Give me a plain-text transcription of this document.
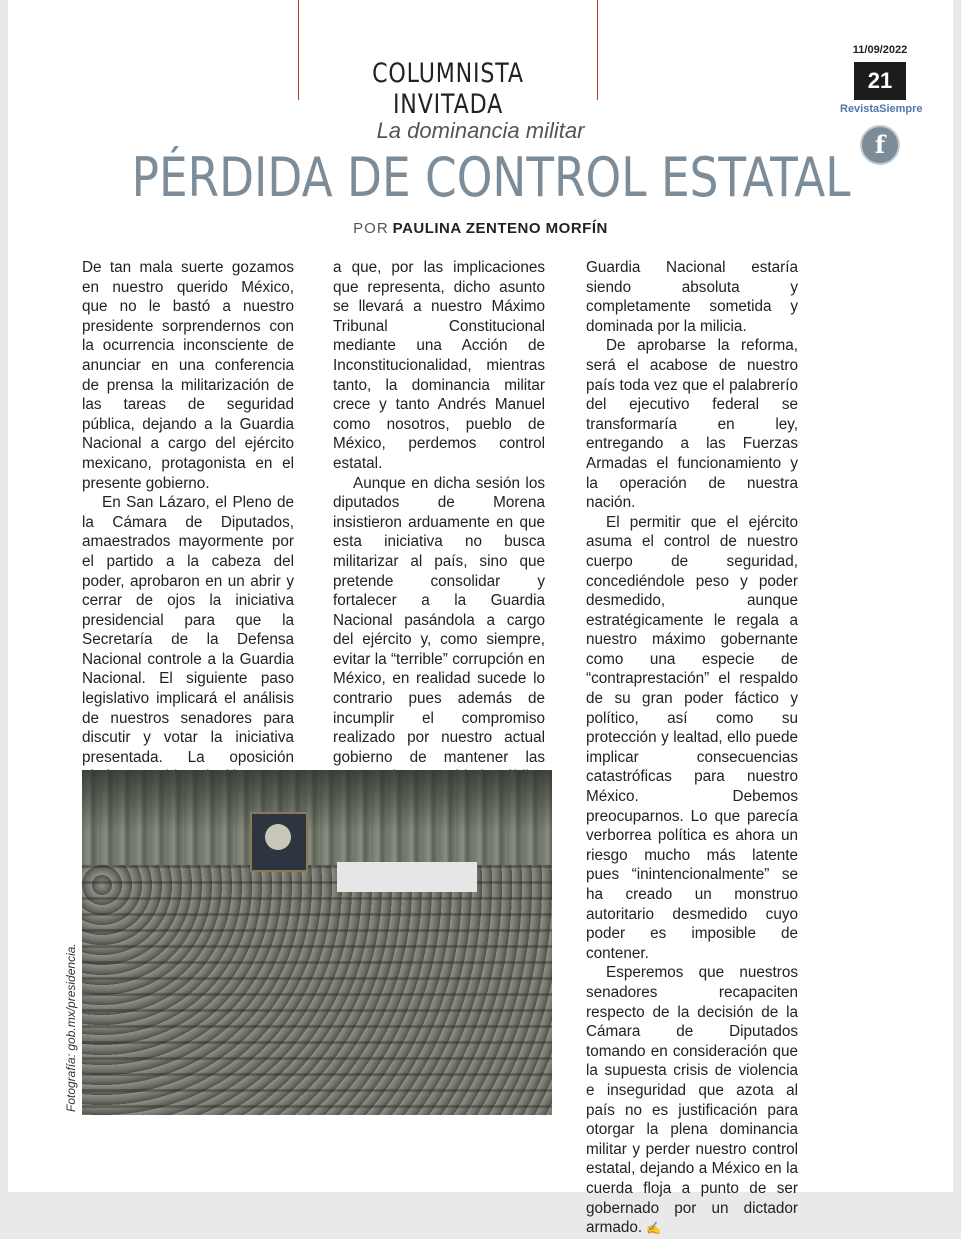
COLUMNISTA INVITADA
11/09/2022
21
RevistaSiempre
f
La dominancia militar
PÉRDIDA DE CONTROL ESTATAL
POR PAULINA ZENTENO MORFÍN

De tan mala suerte gozamos en nuestro querido México, que no le bastó a nuestro presidente sorprendernos con la ocurrencia inconsciente de anunciar en una conferencia de prensa la militarización de las tareas de seguridad pública, dejando a la Guardia Nacional a cargo del ejército mexicano, protagonista en el presente gobierno.

En San Lázaro, el Pleno de la Cámara de Diputados, amaestrados mayormente por el partido a la cabeza del poder, aprobaron en un abrir y cerrar de ojos la iniciativa presidencial para que la Secretaría de la Defensa Nacional controle a la Guardia Nacional. El siguiente paso legislativo implicará el análisis de nuestros senadores para discutir y votar la iniciativa presentada. La oposición

a que, por las implicaciones que representa, dicho asunto se llevará a nuestro Máximo Tribunal Constitucional mediante una Acción de Inconstitucionalidad, mientras tanto, la dominancia militar crece y tanto Andrés Manuel como nosotros, pueblo de México, perdemos control estatal.

Aunque en dicha sesión los diputados de Morena insistieron arduamente en que esta iniciativa no busca militarizar al país, sino que pretende consolidar y fortalecer a la Guardia Nacional pasándola a cargo del ejército y, como siempre, evitar la “terrible” corrupción en México, en realidad sucede lo contrario pues además de incumplir el compromiso realizado por nuestro actual gobierno de mantener las

Guardia Nacional estaría siendo absoluta y completamente sometida y dominada por la milicia.

De aprobarse la reforma, será el acabose de nuestro país toda vez que el palabrerío del ejecutivo federal se transformaría en ley, entregando a las Fuerzas Armadas el funcionamiento y la operación de nuestra nación.

El permitir que el ejército asuma el control de nuestro cuerpo de seguridad, concediéndole peso y poder desmedido, aunque estratégicamente le regala a nuestro máximo gobernante como una especie de “contraprestación” el respaldo de su gran poder fáctico y político, así como su protección y lealtad, ello puede implicar consecuencias catastróficas para nuestro México. Debemos preocuparnos. Lo que parecía verborrea política es ahora un riesgo mucho más latente pues “inintencionalmente” se ha creado un monstruo autoritario desmedido cuyo poder es imposible de contener.

Esperemos que nuestros senadores recapaciten respecto de la decisión de la Cámara de Diputados tomando en consideración que la supuesta crisis de violencia e inseguridad que azota al país no es justificación para otorgar la plena dominancia militar y perder nuestro control estatal, dejando a México en la cuerda floja a punto de ser gobernado por un dictador armado. ✍

Fotografía: gob.mx/presidencia.
